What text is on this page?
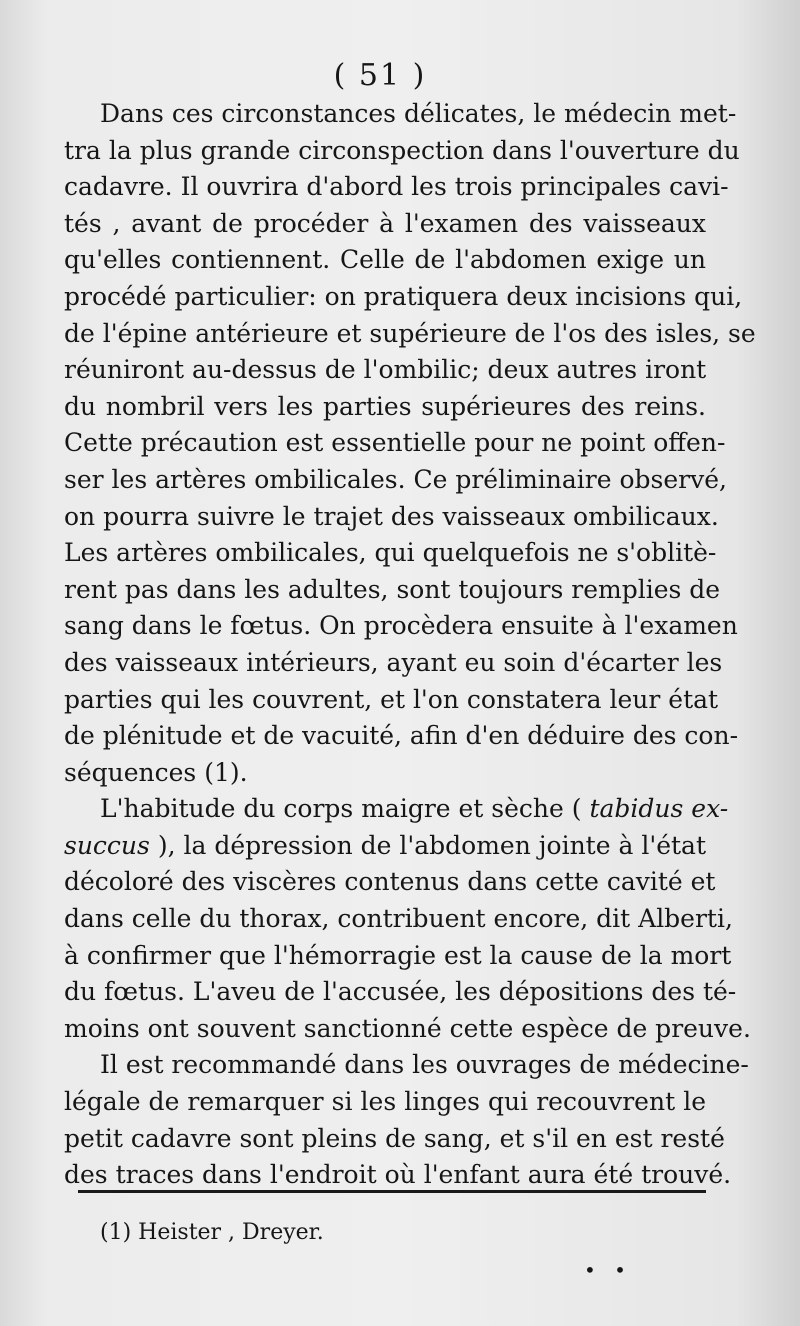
( 51 )

Dans ces circonstances délicates, le médecin met-
tra la plus grande circonspection dans l'ouverture du
cadavre. Il ouvrira d'abord les trois principales cavi-
tés , avant de procéder à l'examen des vaisseaux
qu'elles contiennent. Celle de l'abdomen exige un
procédé particulier: on pratiquera deux incisions qui,
de l'épine antérieure et supérieure de l'os des isles, se
réuniront au-dessus de l'ombilic; deux autres iront
du nombril vers les parties supérieures des reins.
Cette précaution est essentielle pour ne point offen-
ser les artères ombilicales. Ce préliminaire observé,
on pourra suivre le trajet des vaisseaux ombilicaux.
Les artères ombilicales, qui quelquefois ne s'oblitè-
rent pas dans les adultes, sont toujours remplies de
sang dans le fœtus. On procèdera ensuite à l'examen
des vaisseaux intérieurs, ayant eu soin d'écarter les
parties qui les couvrent, et l'on constatera leur état
de plénitude et de vacuité, afin d'en déduire des con-
séquences (1).

L'habitude du corps maigre et sèche ( tabidus ex-
succus ), la dépression de l'abdomen jointe à l'état
décoloré des viscères contenus dans cette cavité et
dans celle du thorax, contribuent encore, dit Alberti,
à confirmer que l'hémorragie est la cause de la mort
du fœtus. L'aveu de l'accusée, les dépositions des té-
moins ont souvent sanctionné cette espèce de preuve.

Il est recommandé dans les ouvrages de médecine-
légale de remarquer si les linges qui recouvrent le
petit cadavre sont pleins de sang, et s'il en est resté
des traces dans l'endroit où l'enfant aura été trouvé.

(1) Heister , Dreyer.
• •
